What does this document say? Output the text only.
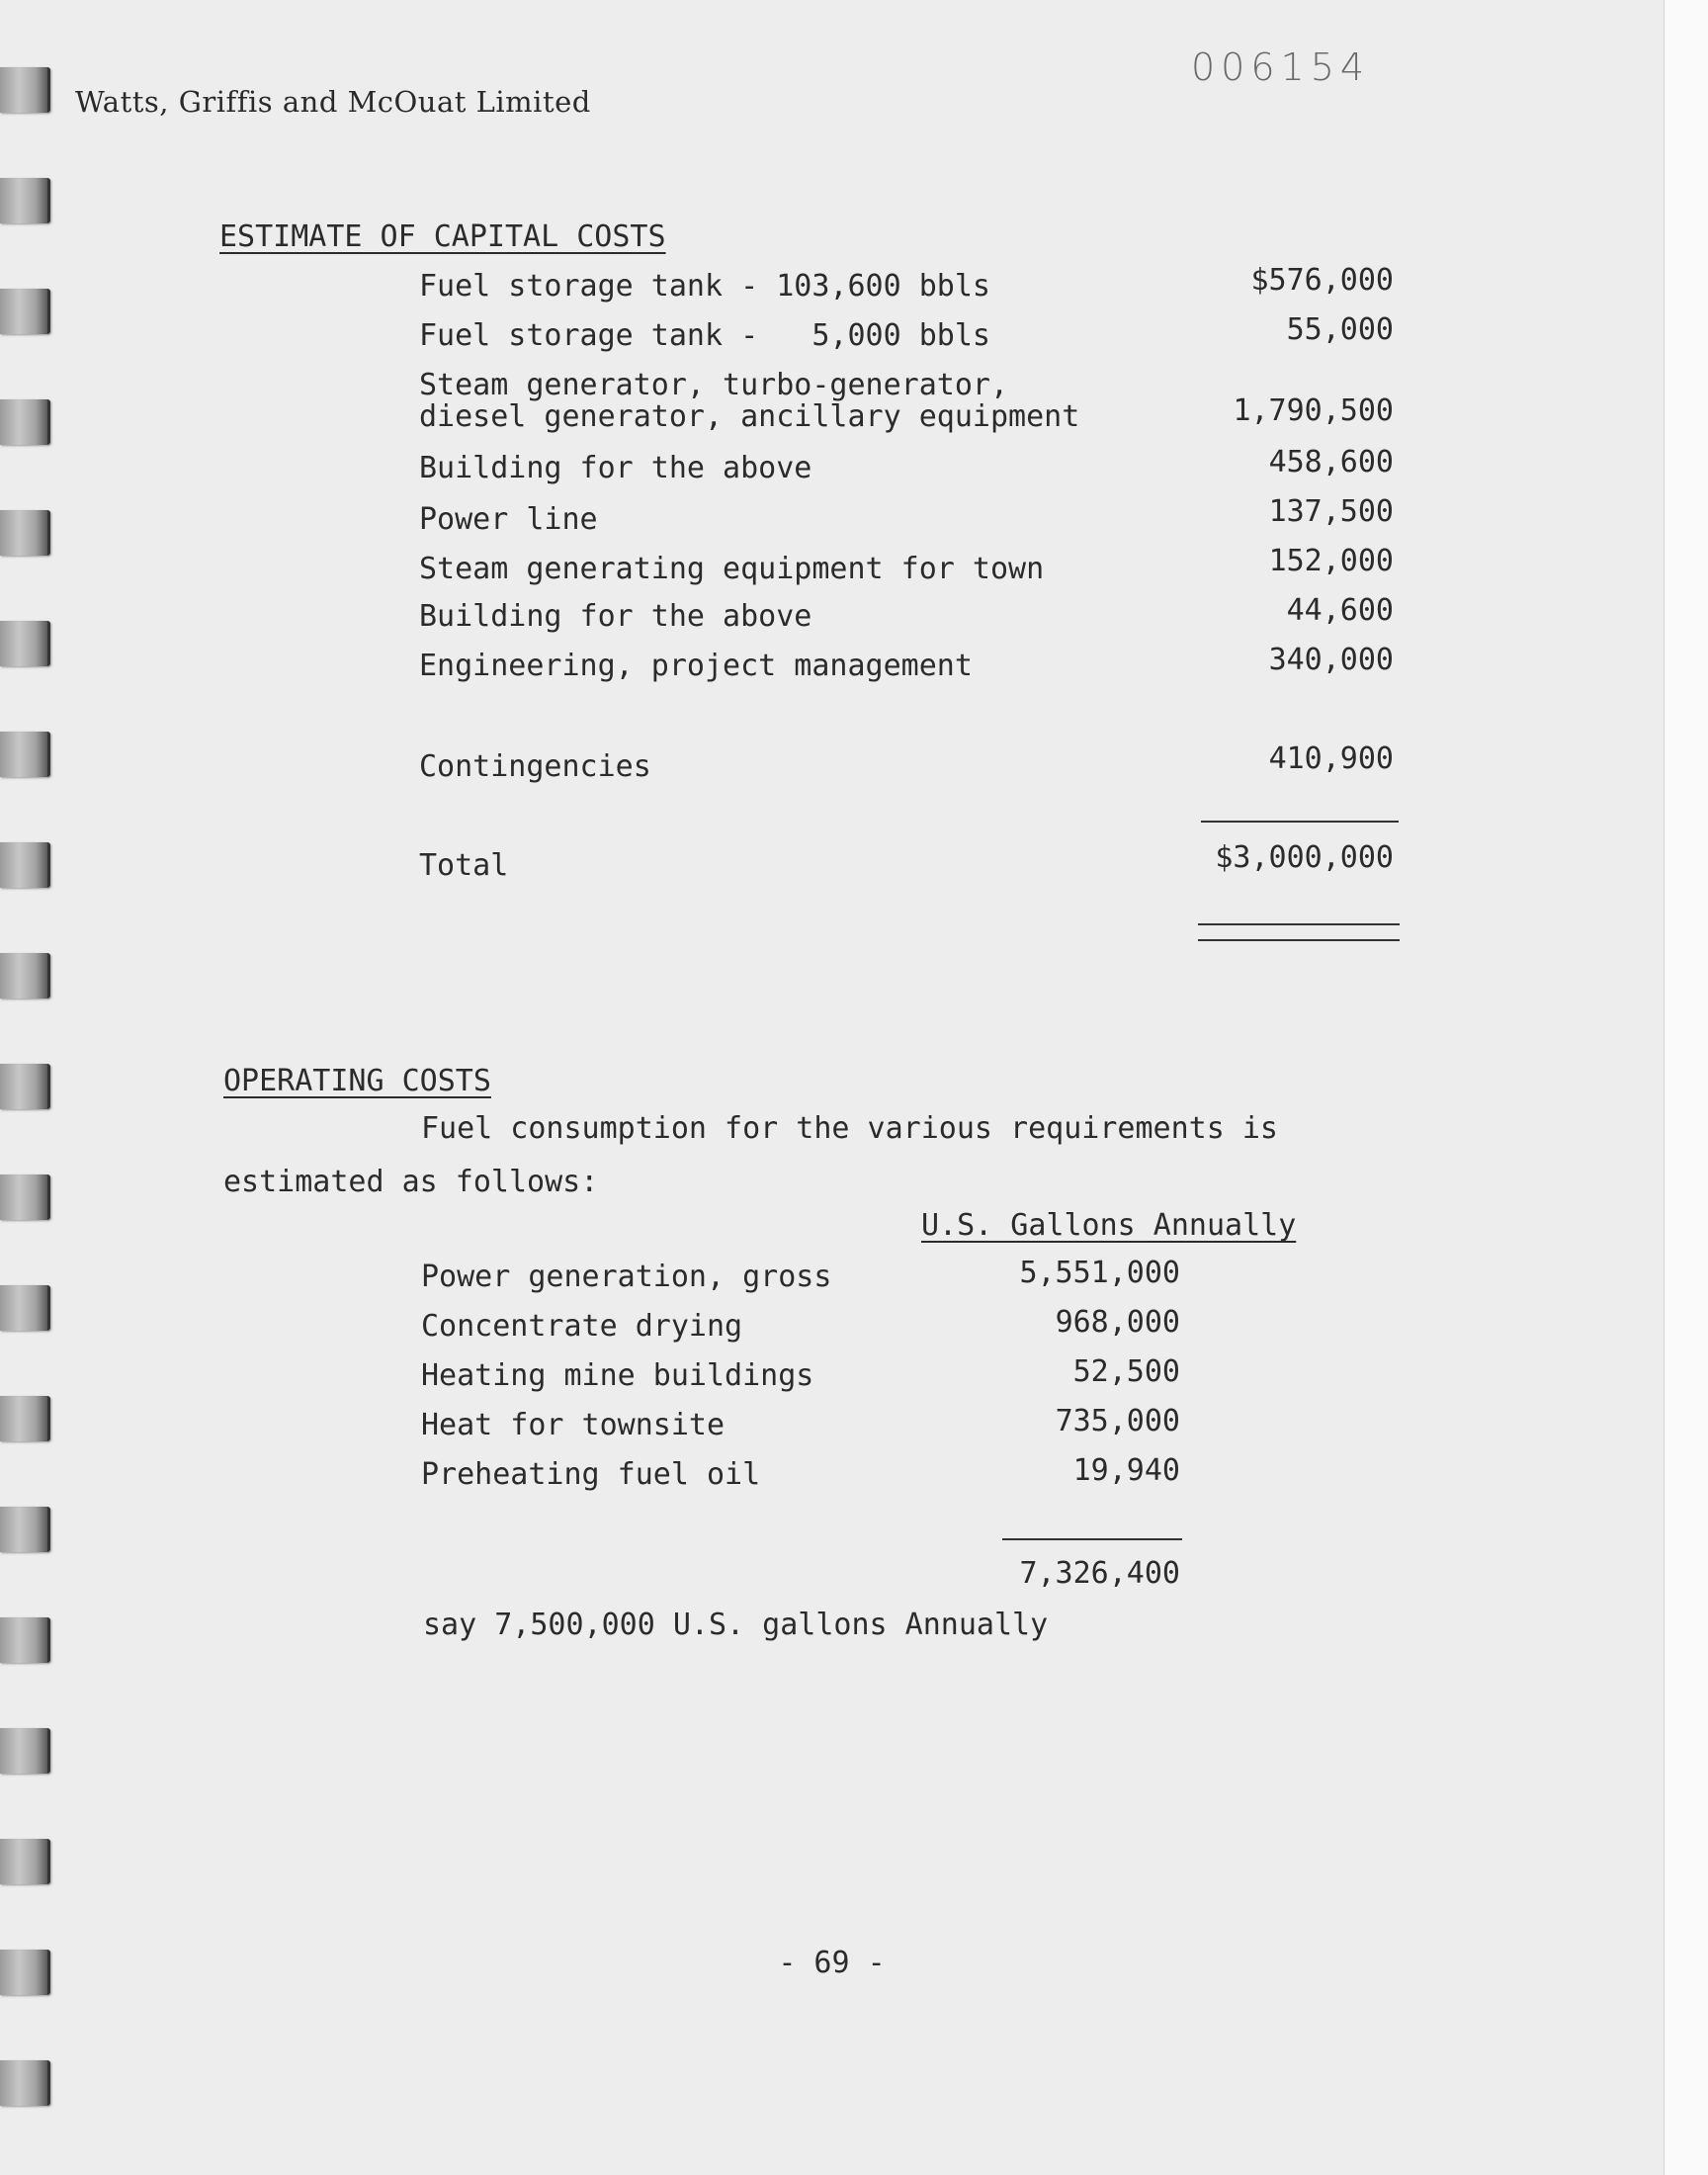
Watts, Griffis and McOuat Limited
006154
ESTIMATE OF CAPITAL COSTS
Fuel storage tank - 103,600 bbls	$576,000
Fuel storage tank -   5,000 bbls	55,000
Steam generator, turbo-generator,
diesel generator, ancillary equipment	1,790,500
Building for the above	458,600
Power line	137,500
Steam generating equipment for town	152,000
Building for the above	44,600
Engineering, project management	340,000
Contingencies	410,900
Total	$3,000,000
OPERATING COSTS
Fuel consumption for the various requirements is
estimated as follows:
U.S. Gallons Annually
Power generation, gross	5,551,000
Concentrate drying	968,000
Heating mine buildings	52,500
Heat for townsite	735,000
Preheating fuel oil	19,940
7,326,400
say 7,500,000 U.S. gallons Annually
- 69 -
